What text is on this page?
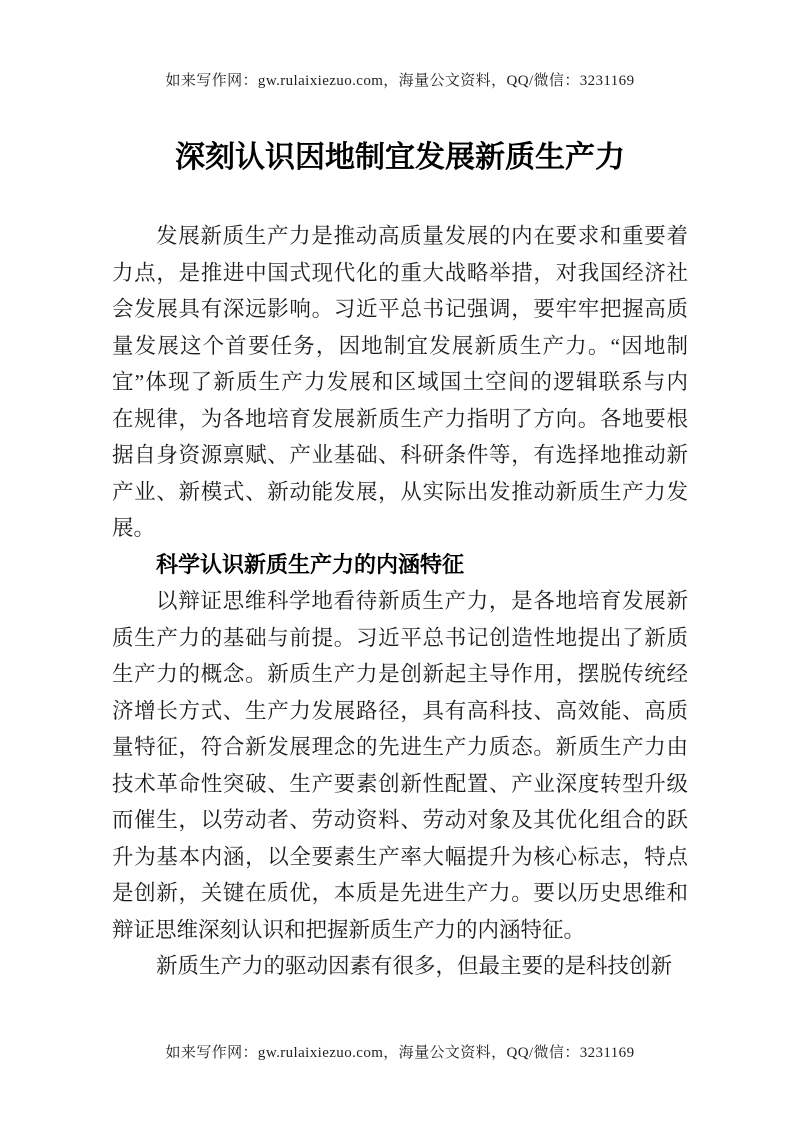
如来写作网：gw.rulaixiezuo.com，海量公文资料，QQ/微信：3231169
深刻认识因地制宜发展新质生产力
发展新质生产力是推动高质量发展的内在要求和重要着
力点，是推进中国式现代化的重大战略举措，对我国经济社
会发展具有深远影响。习近平总书记强调，要牢牢把握高质
量发展这个首要任务，因地制宜发展新质生产力。“因地制
宜”体现了新质生产力发展和区域国土空间的逻辑联系与内
在规律，为各地培育发展新质生产力指明了方向。各地要根
据自身资源禀赋、产业基础、科研条件等，有选择地推动新
产业、新模式、新动能发展，从实际出发推动新质生产力发
展。
科学认识新质生产力的内涵特征
以辩证思维科学地看待新质生产力，是各地培育发展新
质生产力的基础与前提。习近平总书记创造性地提出了新质
生产力的概念。新质生产力是创新起主导作用，摆脱传统经
济增长方式、生产力发展路径，具有高科技、高效能、高质
量特征，符合新发展理念的先进生产力质态。新质生产力由
技术革命性突破、生产要素创新性配置、产业深度转型升级
而催生，以劳动者、劳动资料、劳动对象及其优化组合的跃
升为基本内涵，以全要素生产率大幅提升为核心标志，特点
是创新，关键在质优，本质是先进生产力。要以历史思维和
辩证思维深刻认识和把握新质生产力的内涵特征。
新质生产力的驱动因素有很多，但最主要的是科技创新
如来写作网：gw.rulaixiezuo.com，海量公文资料，QQ/微信：3231169
